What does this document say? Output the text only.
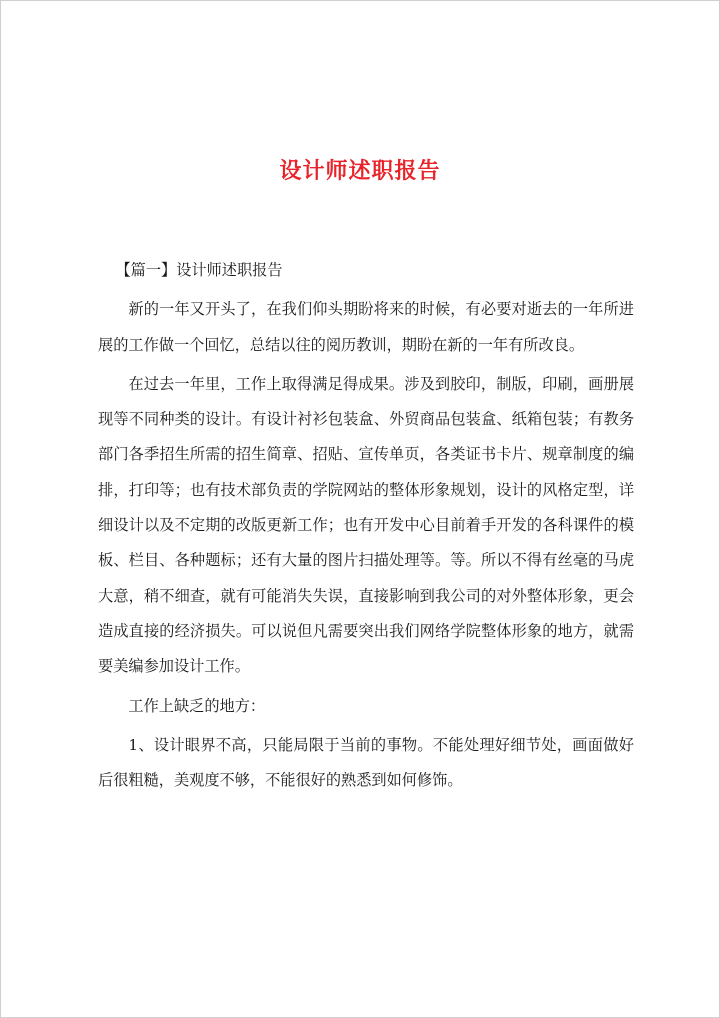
设计师述职报告

【篇一】设计师述职报告

新的一年又开头了，在我们仰头期盼将来的时候，有必要对逝去的一年所进展的工作做一个回忆，总结以往的阅历教训，期盼在新的一年有所改良。

在过去一年里，工作上取得满足得成果。涉及到胶印，制版，印刷，画册展现等不同种类的设计。有设计衬衫包装盒、外贸商品包装盒、纸箱包装；有教务部门各季招生所需的招生简章、招贴、宣传单页，各类证书卡片、规章制度的编排，打印等；也有技术部负责的学院网站的整体形象规划，设计的风格定型，详细设计以及不定期的改版更新工作；也有开发中心目前着手开发的各科课件的模板、栏目、各种题标；还有大量的图片扫描处理等。等。所以不得有丝毫的马虎大意，稍不细查，就有可能消失失误，直接影响到我公司的对外整体形象，更会造成直接的经济损失。可以说但凡需要突出我们网络学院整体形象的地方，就需要美编参加设计工作。

工作上缺乏的地方：

1、设计眼界不高，只能局限于当前的事物。不能处理好细节处，画面做好后很粗糙，美观度不够，不能很好的熟悉到如何修饰。
